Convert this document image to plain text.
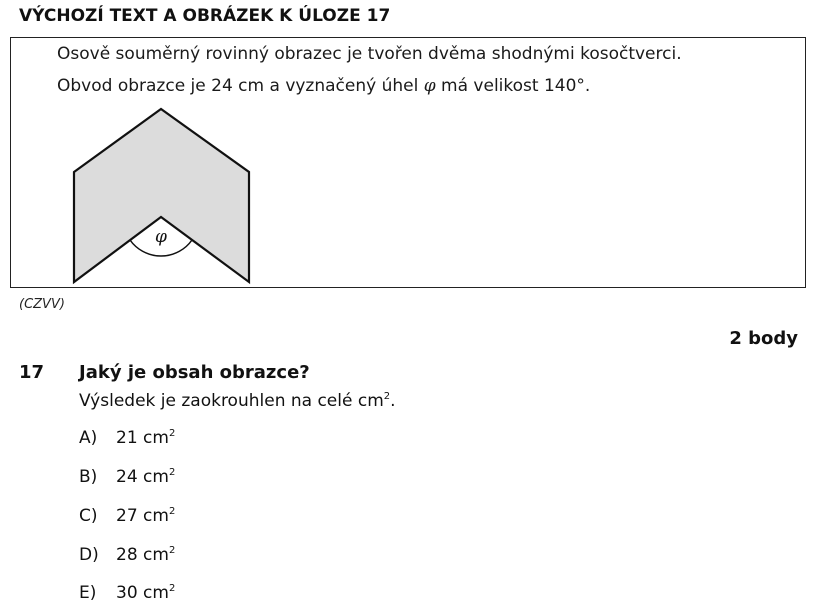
VÝCHOZÍ TEXT A OBRÁZEK K ÚLOZE 17
Osově souměrný rovinný obrazec je tvořen dvěma shodnými kosočtverci.
Obvod obrazce je 24 cm a vyznačený úhel φ má velikost 140°.
φ
(CZVV)
2 body
17 Jaký je obsah obrazce?
Výsledek je zaokrouhlen na celé $cm^2$.
A)	21 $cm^2$
B)	24 $cm^2$
C)	27 $cm^2$
D)	28 $cm^2$
E)	30 $cm^2$
